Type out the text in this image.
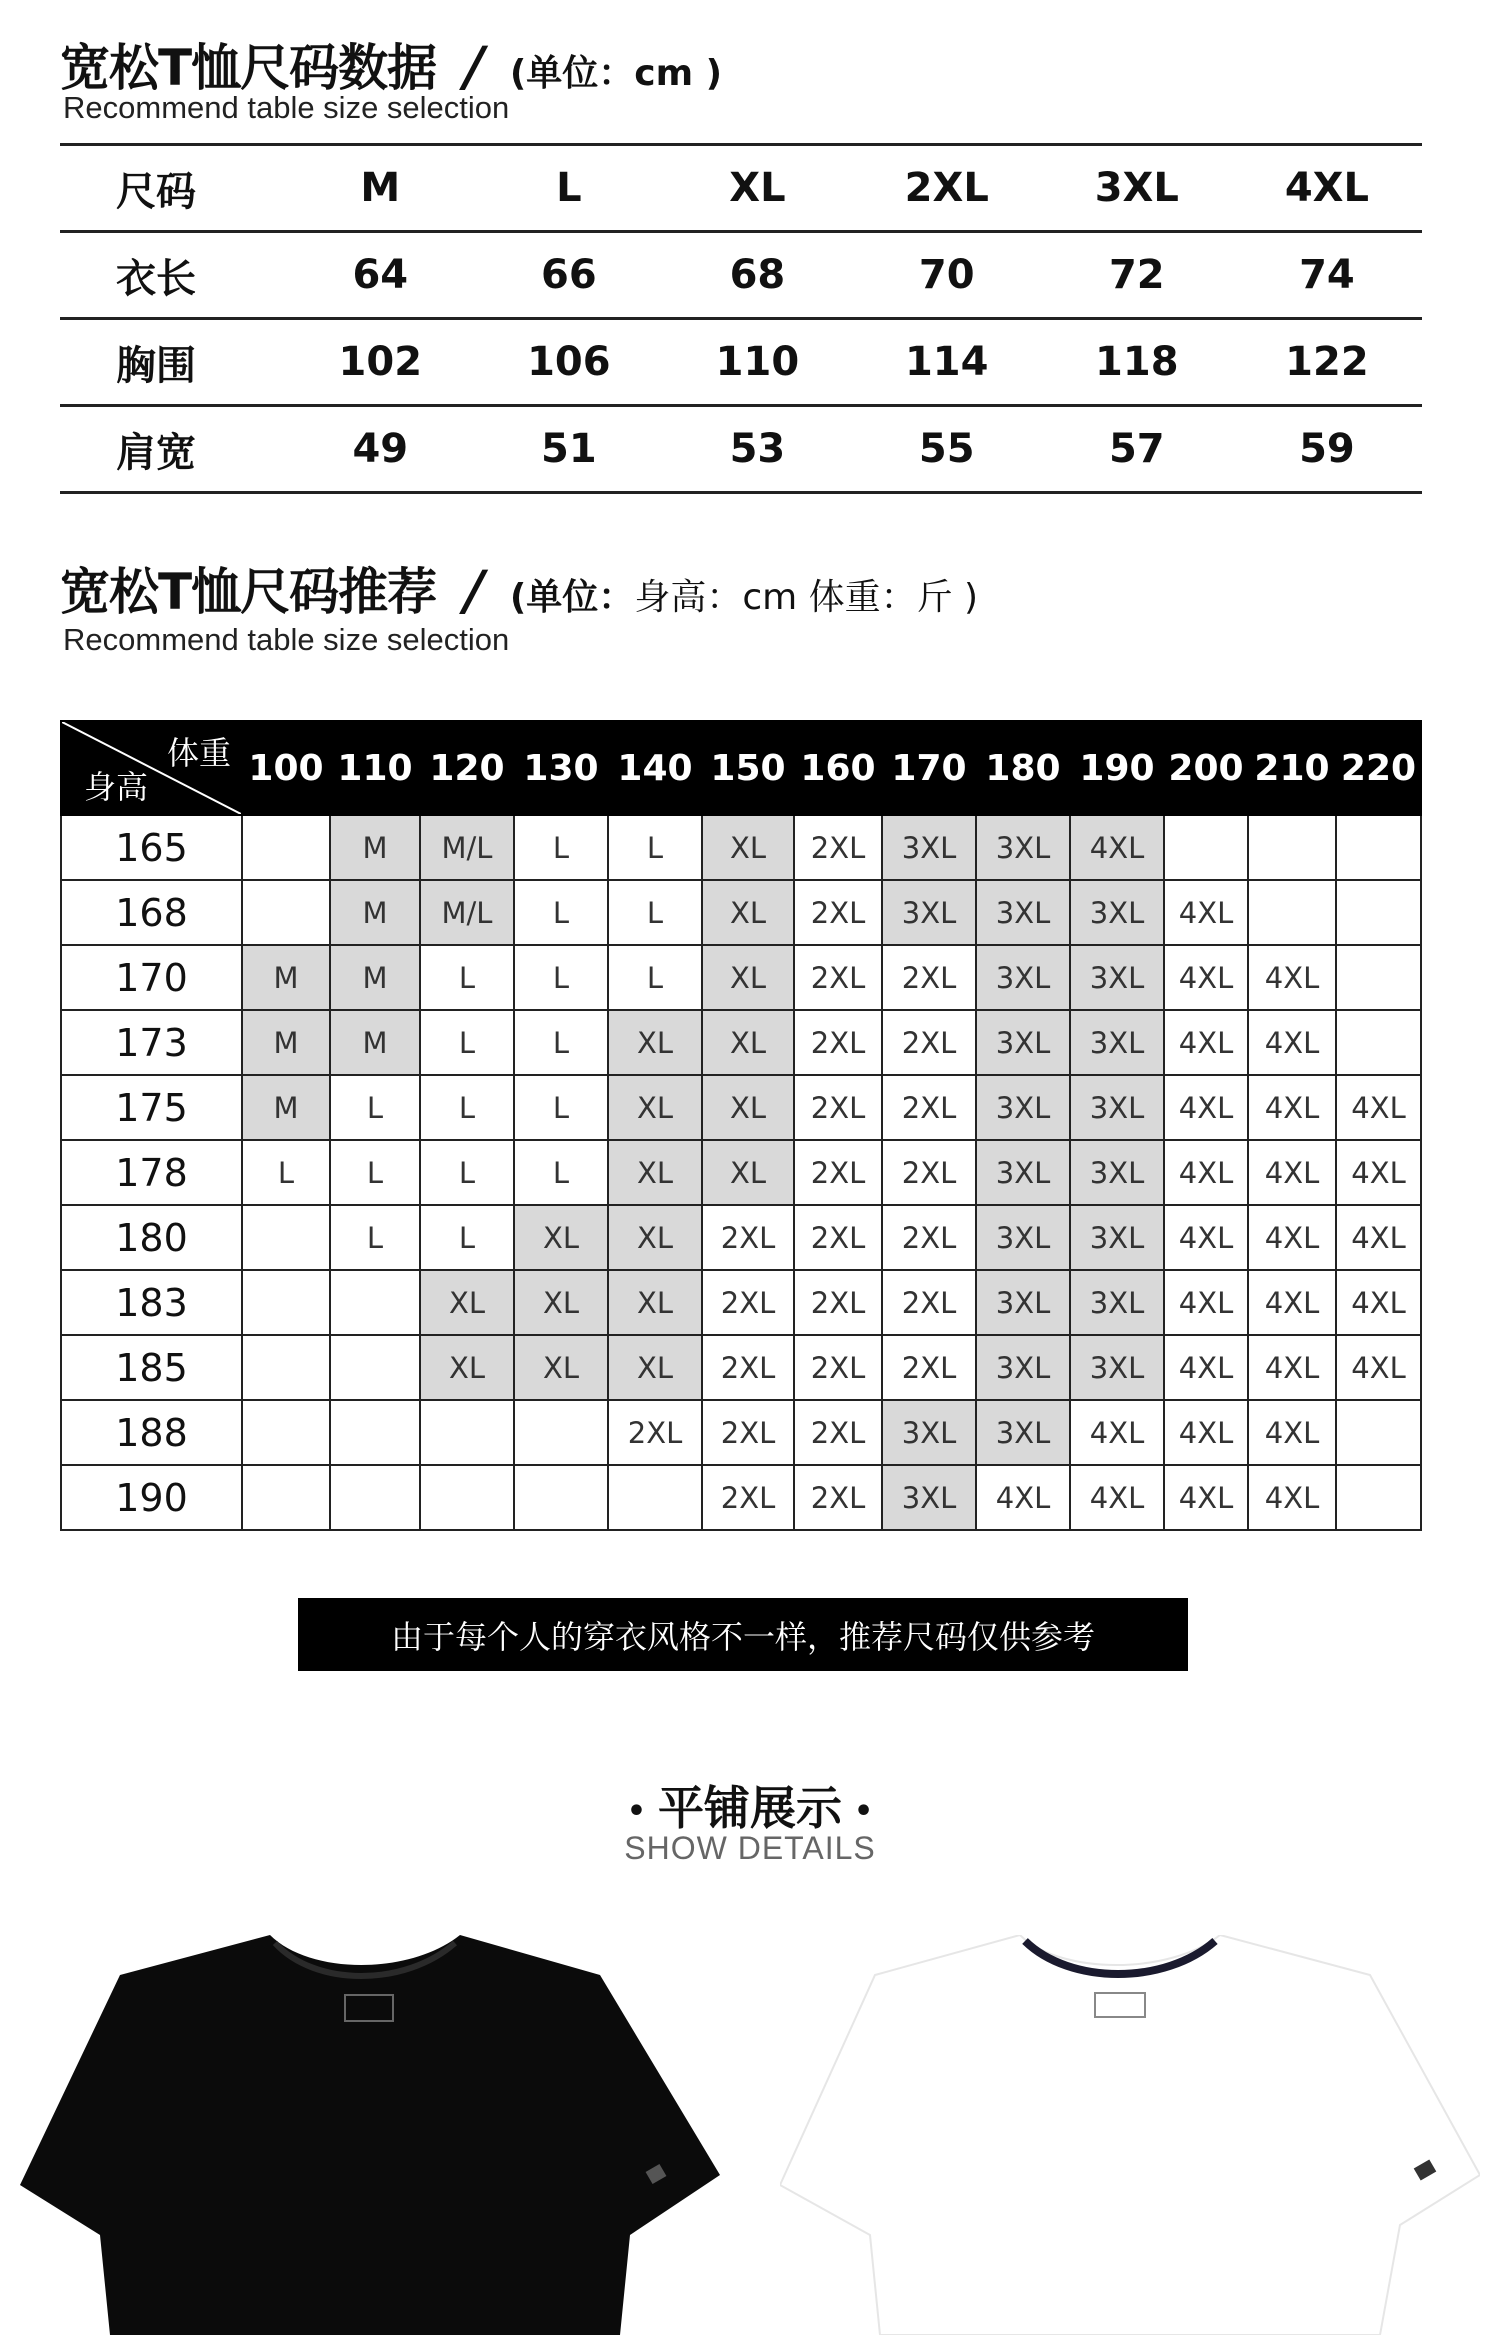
宽松T恤尺码数据 / (单位：cm )
Recommend table size selection
尺码	M	L	XL	2XL	3XL	4XL
衣长	64	66	68	70	72	74
胸围	102	106	110	114	118	122
肩宽	49	51	53	55	57	59
宽松T恤尺码推荐 / (单位：身高：cm 体重：斤 )
Recommend table size selection
体重
身高	100	110	120	130	140	150	160	170	180	190	200	210	220
165		M	M/L	L	L	XL	2XL	3XL	3XL	4XL			
168		M	M/L	L	L	XL	2XL	3XL	3XL	3XL	4XL		
170	M	M	L	L	L	XL	2XL	2XL	3XL	3XL	4XL	4XL	
173	M	M	L	L	XL	XL	2XL	2XL	3XL	3XL	4XL	4XL	
175	M	L	L	L	XL	XL	2XL	2XL	3XL	3XL	4XL	4XL	4XL
178	L	L	L	L	XL	XL	2XL	2XL	3XL	3XL	4XL	4XL	4XL
180		L	L	XL	XL	2XL	2XL	2XL	3XL	3XL	4XL	4XL	4XL
183			XL	XL	XL	2XL	2XL	2XL	3XL	3XL	4XL	4XL	4XL
185			XL	XL	XL	2XL	2XL	2XL	3XL	3XL	4XL	4XL	4XL
188					2XL	2XL	2XL	3XL	3XL	4XL	4XL	4XL	
190						2XL	2XL	3XL	4XL	4XL	4XL	4XL	
由于每个人的穿衣风格不一样，推荐尺码仅供参考
• 平铺展示 •
SHOW DETAILS
